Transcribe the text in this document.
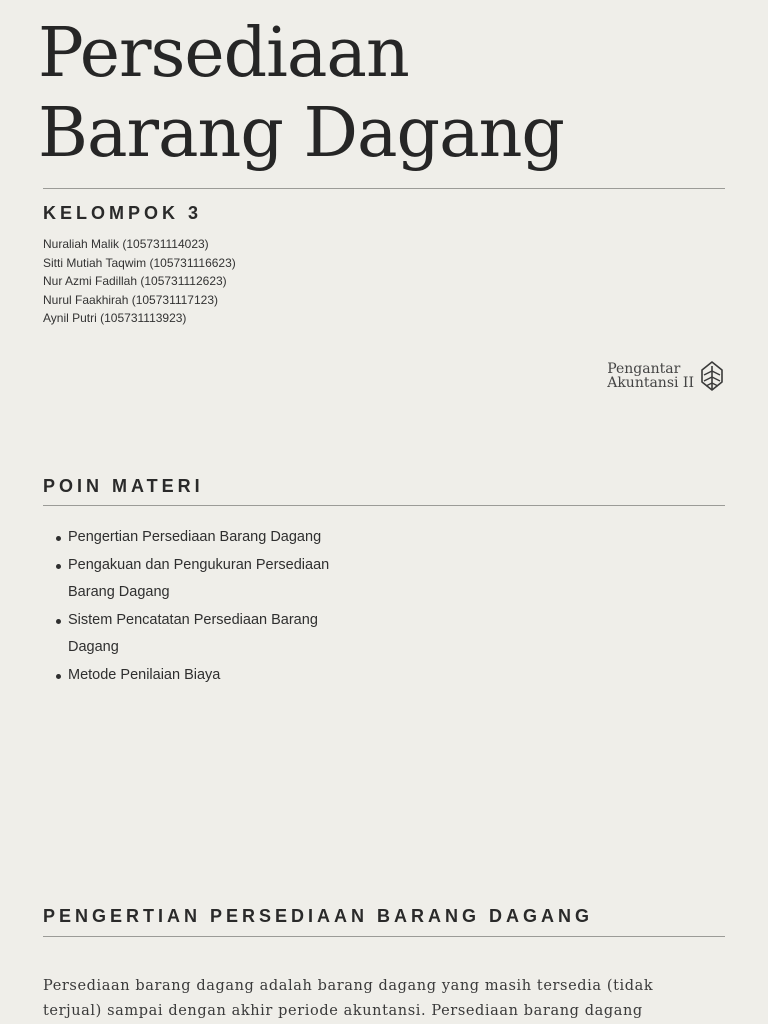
Persediaan
Barang Dagang
KELOMPOK 3
Nuraliah Malik (105731114023)
Sitti Mutiah Taqwim (105731116623)
Nur Azmi Fadillah (105731112623)
Nurul Faakhirah (105731117123)
Aynil Putri (105731113923)
Pengantar
Akuntansi II
POIN MATERI
Pengertian Persediaan Barang Dagang
Pengakuan dan Pengukuran Persediaan Barang Dagang
Sistem Pencatatan Persediaan Barang Dagang
Metode Penilaian Biaya
PENGERTIAN PERSEDIAAN BARANG DAGANG

Persediaan barang dagang adalah barang dagang yang masih tersedia (tidak
terjual) sampai dengan akhir periode akuntansi. Persediaan barang dagang
